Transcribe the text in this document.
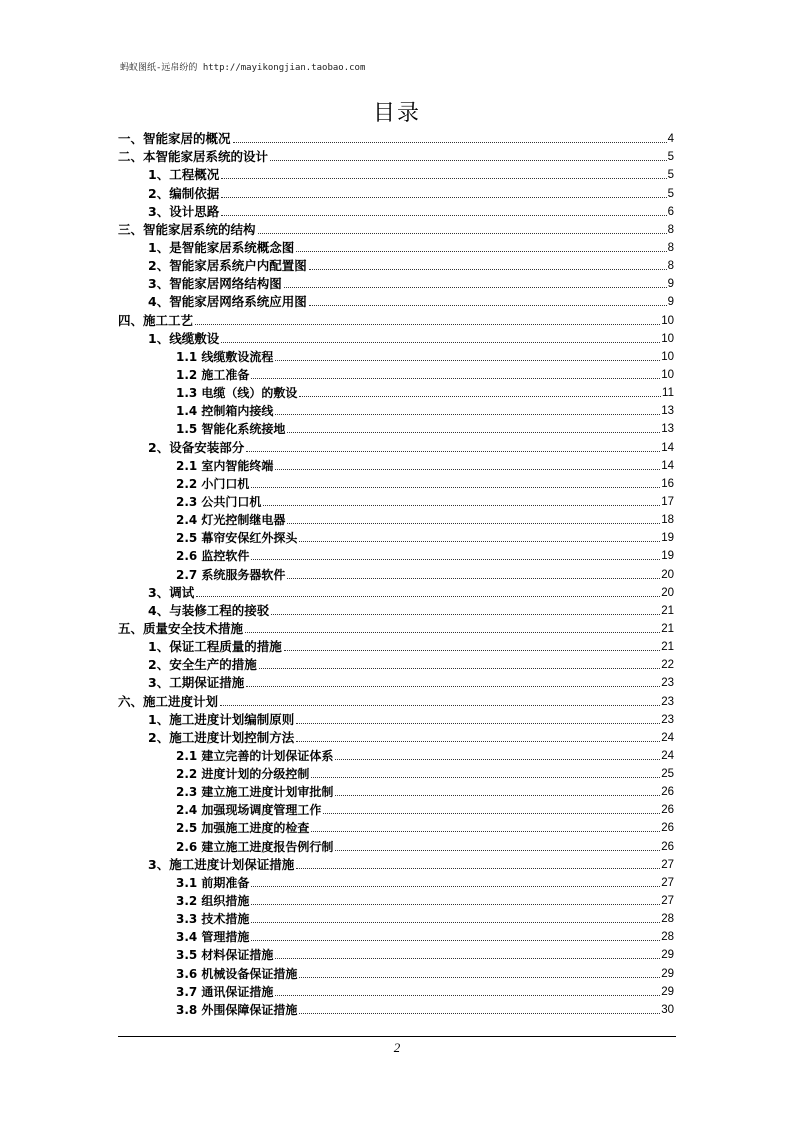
蚂蚁图纸-远帛纷的 http://mayikongjian.taobao.com
目录
一、智能家居的概况	4
二、本智能家居系统的设计	5
1、工程概况	5
2、编制依据	5
3、设计思路	6
三、智能家居系统的结构	8
1、是智能家居系统概念图	8
2、智能家居系统户内配置图	8
3、智能家居网络结构图	9
4、智能家居网络系统应用图	9
四、施工工艺	10
1、线缆敷设	10
1.1 线缆敷设流程	10
1.2 施工准备	10
1.3 电缆（线）的敷设	11
1.4 控制箱内接线	13
1.5 智能化系统接地	13
2、设备安装部分	14
2.1 室内智能终端	14
2.2 小门口机	16
2.3 公共门口机	17
2.4 灯光控制继电器	18
2.5 幕帘安保红外探头	19
2.6 监控软件	19
2.7 系统服务器软件	20
3、调试	20
4、与装修工程的接驳	21
五、质量安全技术措施	21
1、保证工程质量的措施	21
2、安全生产的措施	22
3、工期保证措施	23
六、施工进度计划	23
1、施工进度计划编制原则	23
2、施工进度计划控制方法	24
2.1 建立完善的计划保证体系	24
2.2 进度计划的分级控制	25
2.3 建立施工进度计划审批制	26
2.4 加强现场调度管理工作	26
2.5 加强施工进度的检查	26
2.6 建立施工进度报告例行制	26
3、施工进度计划保证措施	27
3.1 前期准备	27
3.2 组织措施	27
3.3 技术措施	28
3.4 管理措施	28
3.5 材料保证措施	29
3.6 机械设备保证措施	29
3.7 通讯保证措施	29
3.8 外围保障保证措施	30
2
